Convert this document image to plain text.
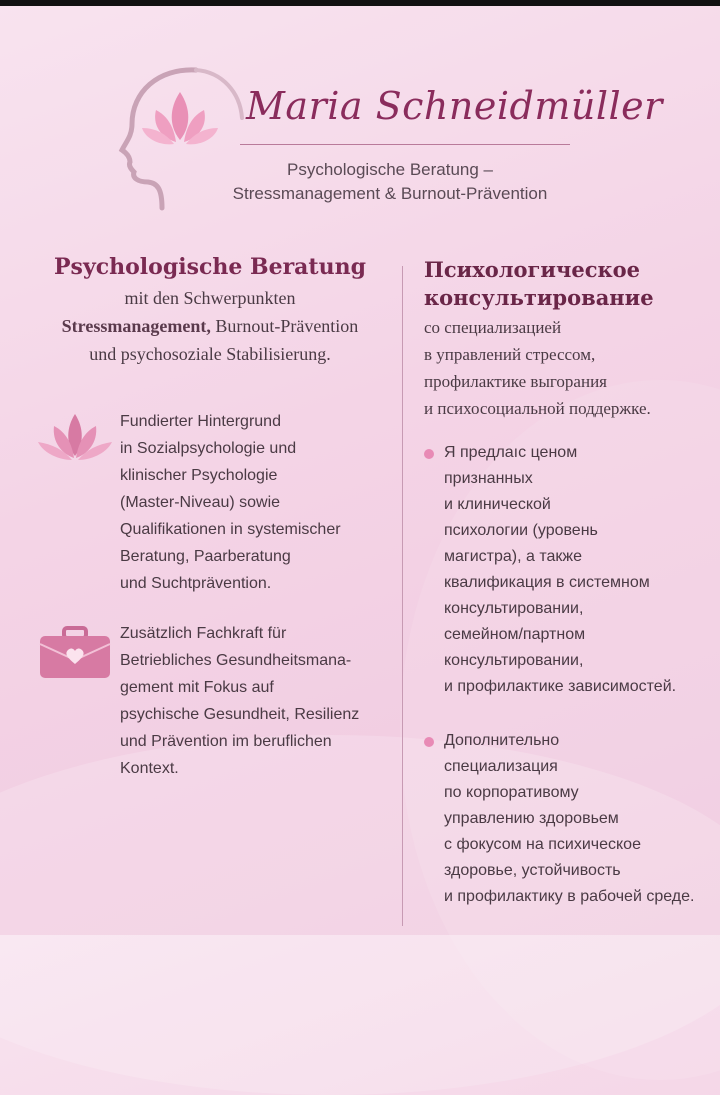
Maria Schneidmüller
Psychologische Beratung –
Stressmanagement & Burnout-Prävention
Psychologische Beratung
mit den Schwerpunkten
Stressmanagement, Burnout-Prävention
und psychosoziale Stabilisierung.
Fundierter Hintergrund
in Sozialpsychologie und
klinischer Psychologie
(Master-Niveau) sowie
Qualifikationen in systemischer
Beratung, Paarberatung
und Suchtprävention.
Zusätzlich Fachkraft für
Betriebliches Gesundheitsmana-
gement mit Fokus auf
psychische Gesundheit, Resilienz
und Prävention im beruflichen
Kontext.
Психологическое
консультирование
со специализацией
в управлений стрессом,
профилактике выгорания
и психосоциальной поддержке.
Я предлаıс ценом
признанных
и клинической
психологии (уровень
магистра), а также
квалификация в системном
консультировании,
семейном/партном
консультировании,
и профилактике зависимостей.
Дополнительно
специализация
по корпоративому
управлению здоровьем
с фокусом на психическое
здоровье, устойчивость
и профилактику в рабочей среде.
